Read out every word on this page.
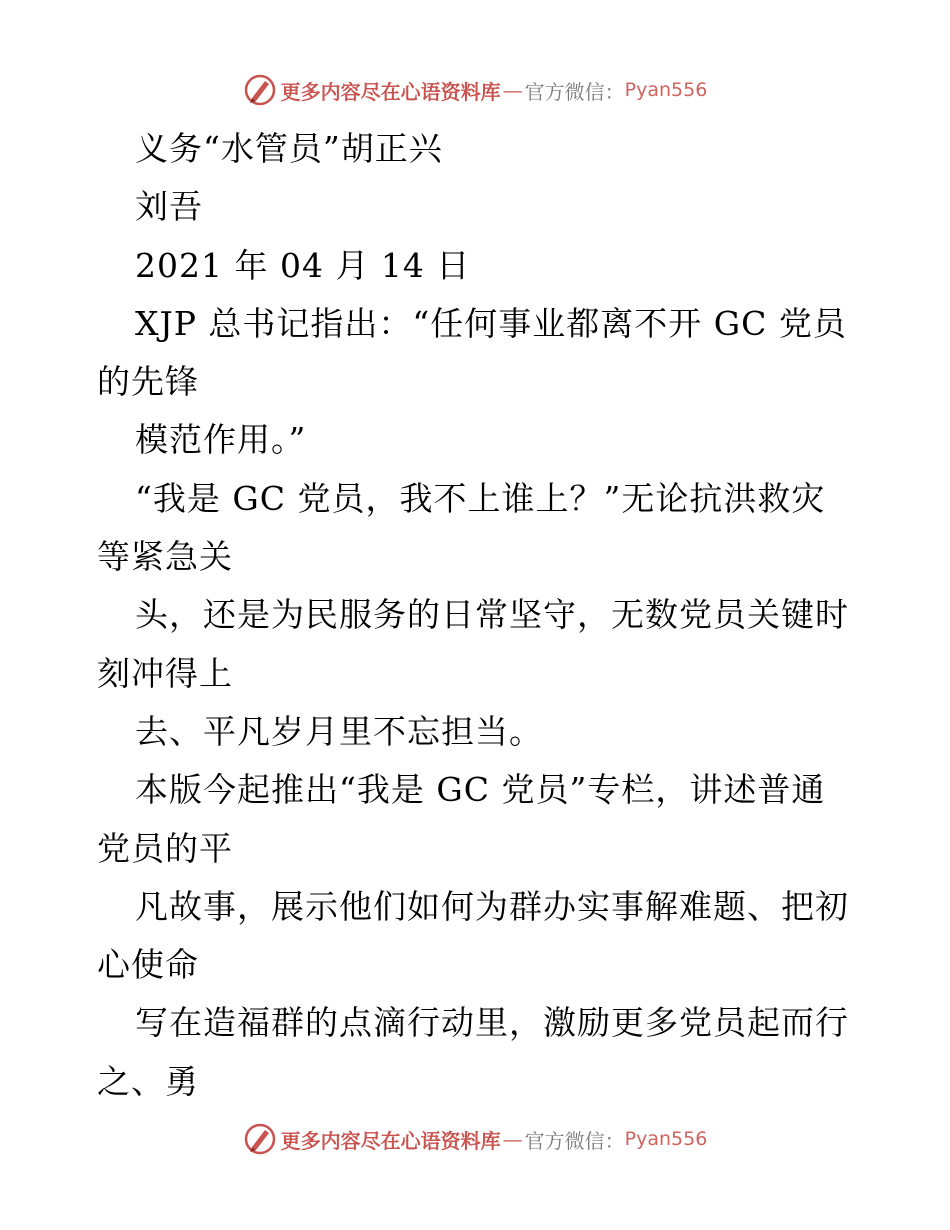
更多内容尽在心语资料库 — 官方微信： Pyan556
义务“水管员”胡正兴
刘吾
2021 年 04 月 14 日
XJP 总书记指出：“任何事业都离不开 GC 党员
的先锋
模范作用。”
“我是 GC 党员，我不上谁上？”无论抗洪救灾
等紧急关
头，还是为民服务的日常坚守，无数党员关键时
刻冲得上
去、平凡岁月里不忘担当。
本版今起推出“我是 GC 党员”专栏，讲述普通
党员的平
凡故事，展示他们如何为群办实事解难题、把初
心使命
写在造福群的点滴行动里，激励更多党员起而行
之、勇
更多内容尽在心语资料库 — 官方微信： Pyan556
